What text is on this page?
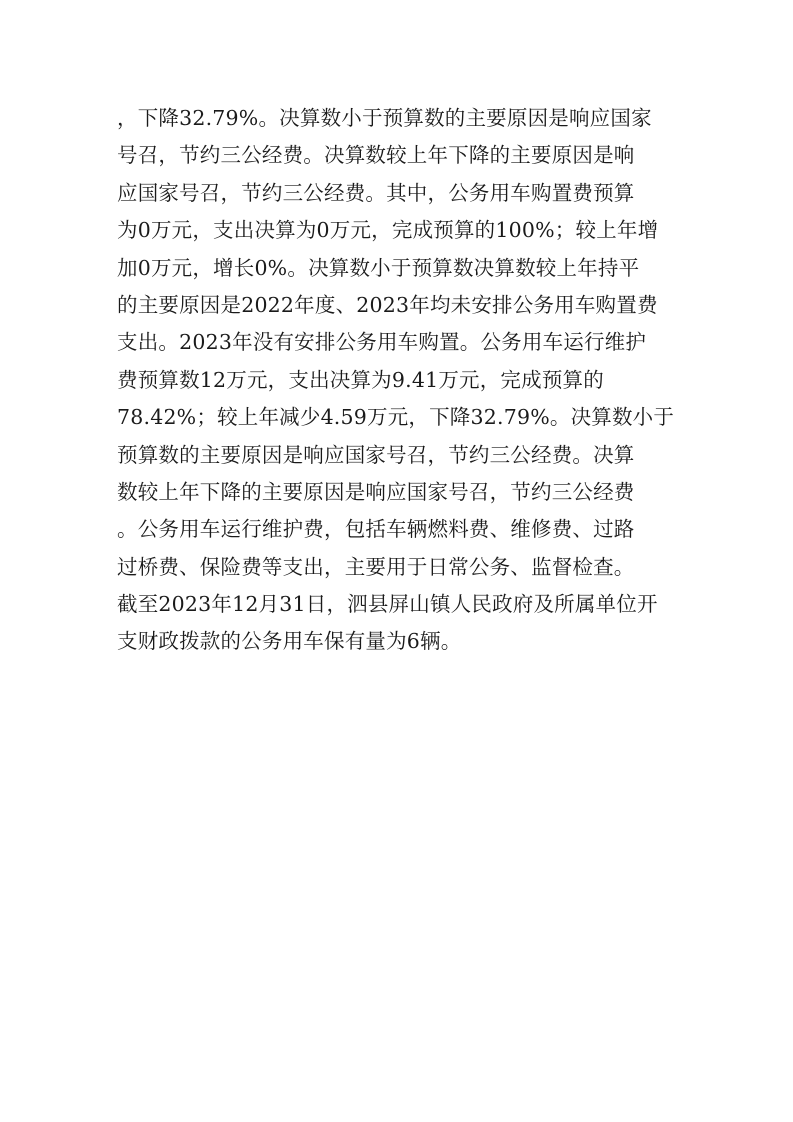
，下降32.79%。决算数小于预算数的主要原因是响应国家
号召，节约三公经费。决算数较上年下降的主要原因是响
应国家号召，节约三公经费。其中，公务用车购置费预算
为0万元，支出决算为0万元，完成预算的100%；较上年增
加0万元，增长0%。决算数小于预算数决算数较上年持平
的主要原因是2022年度、2023年均未安排公务用车购置费
支出。2023年没有安排公务用车购置。公务用车运行维护
费预算数12万元，支出决算为9.41万元，完成预算的
78.42%；较上年减少4.59万元，下降32.79%。决算数小于
预算数的主要原因是响应国家号召，节约三公经费。决算
数较上年下降的主要原因是响应国家号召，节约三公经费
。公务用车运行维护费，包括车辆燃料费、维修费、过路
过桥费、保险费等支出，主要用于日常公务、监督检查。
截至2023年12月31日，泗县屏山镇人民政府及所属单位开
支财政拨款的公务用车保有量为6辆。
